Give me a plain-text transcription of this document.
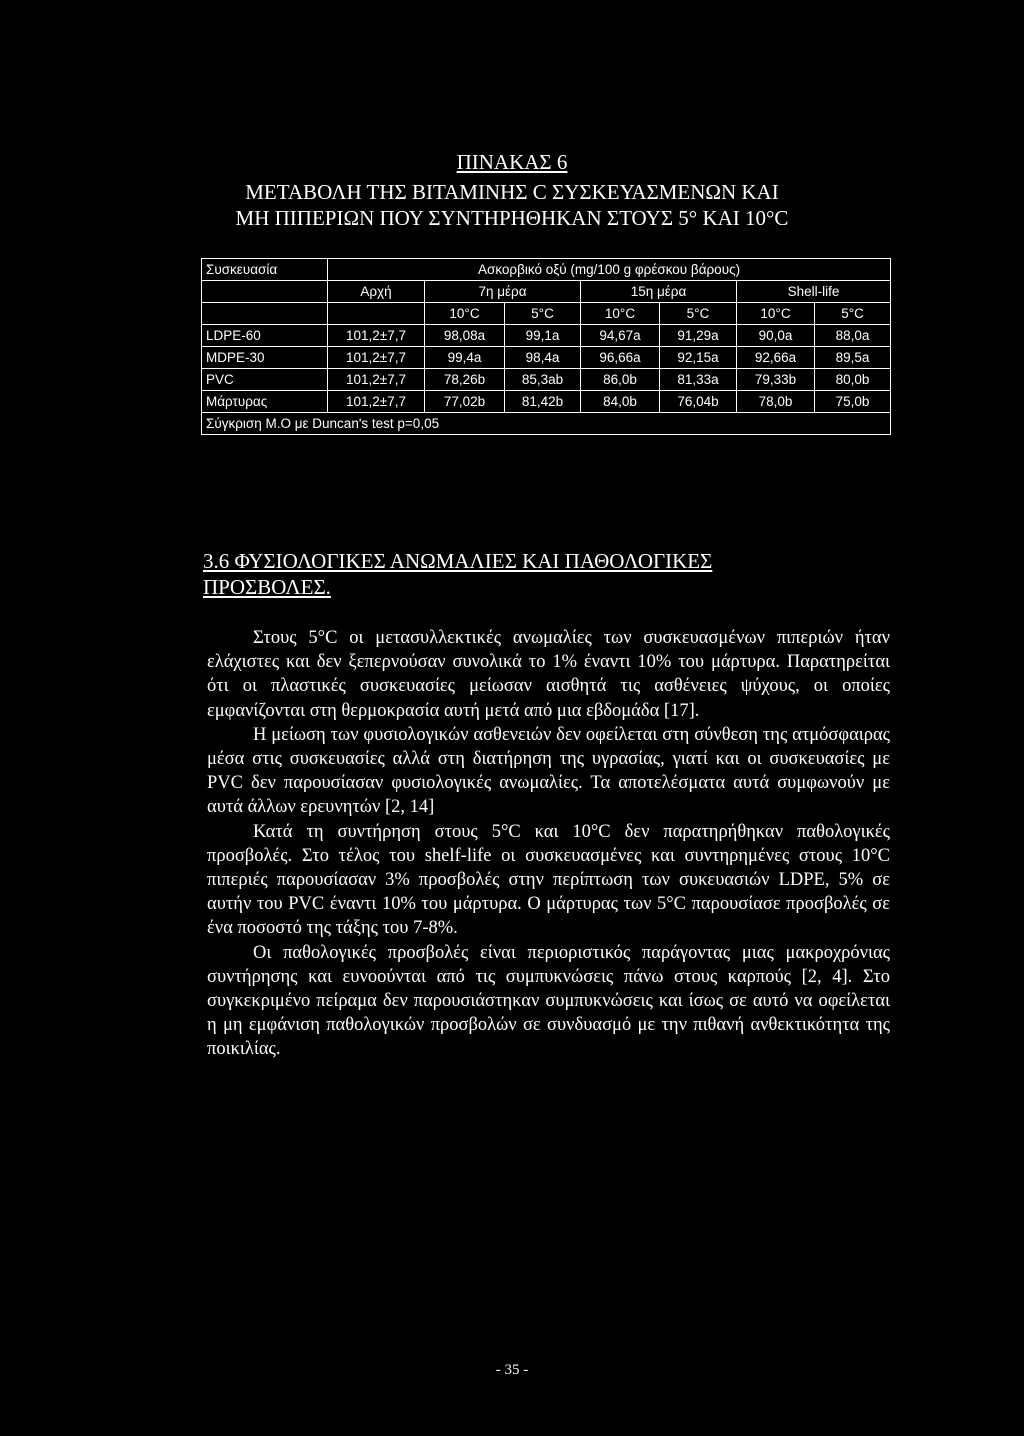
ΠΙΝΑΚΑΣ 6
ΜΕΤΑΒΟΛΗ ΤΗΣ ΒΙΤΑΜΙΝΗΣ C ΣΥΣΚΕΥΑΣΜΕΝΩΝ ΚΑΙ
ΜΗ ΠΙΠΕΡΙΩΝ ΠΟΥ ΣΥΝΤΗΡΗΘΗΚΑΝ ΣΤΟΥΣ 5° ΚΑΙ 10°C
Συσκευασία	Ασκορβικό οξύ (mg/100 g φρέσκου βάρους)						
	Αρχή	7η μέρα		15η μέρα		Shell-life	
		10°C	5°C	10°C	5°C	10°C	5°C
LDPE-60	101,2±7,7	98,08a	99,1a	94,67a	91,29a	90,0a	88,0a
MDPE-30	101,2±7,7	99,4a	98,4a	96,66a	92,15a	92,66a	89,5a
PVC	101,2±7,7	78,26b	85,3ab	86,0b	81,33a	79,33b	80,0b
Μάρτυρας	101,2±7,7	77,02b	81,42b	84,0b	76,04b	78,0b	75,0b
Σύγκριση Μ.Ο με Duncan's test p=0,05							
3.6 ΦΥΣΙΟΛΟΓΙΚΕΣ ΑΝΩΜΑΛΙΕΣ ΚΑΙ ΠΑΘΟΛΟΓΙΚΕΣ ΠΡΟΣΒΟΛΕΣ.

Στους 5°C οι μετασυλλεκτικές ανωμαλίες των συσκευασμένων πιπεριών ήταν ελάχιστες και δεν ξεπερνούσαν συνολικά το 1% έναντι 10% του μάρτυρα. Παρατηρείται ότι οι πλαστικές συσκευασίες μείωσαν αισθητά τις ασθένειες ψύχους, οι οποίες εμφανίζονται στη θερμοκρασία αυτή μετά από μια εβδομάδα [17].

Η μείωση των φυσιολογικών ασθενειών δεν οφείλεται στη σύνθεση της ατμόσφαιρας μέσα στις συσκευασίες αλλά στη διατήρηση της υγρασίας, γιατί και οι συσκευασίες με PVC δεν παρουσίασαν φυσιολογικές ανωμαλίες. Τα αποτελέσματα αυτά συμφωνούν με αυτά άλλων ερευνητών [2, 14]

Κατά τη συντήρηση στους 5°C και 10°C δεν παρατηρήθηκαν παθολογικές προσβολές. Στο τέλος του shelf-life οι συσκευασμένες και συντηρημένες στους 10°C πιπεριές παρουσίασαν 3% προσβολές στην περίπτωση των συκευασιών LDPE, 5% σε αυτήν του PVC έναντι 10% του μάρτυρα. Ο μάρτυρας των 5°C παρουσίασε προσβολές σε ένα ποσοστό της τάξης του 7-8%.

Οι παθολογικές προσβολές είναι περιοριστικός παράγοντας μιας μακροχρόνιας συντήρησης και ευνοούνται από τις συμπυκνώσεις πάνω στους καρπούς [2, 4]. Στο συγκεκριμένο πείραμα δεν παρουσιάστηκαν συμπυκνώσεις και ίσως σε αυτό να οφείλεται η μη εμφάνιση παθολογικών προσβολών σε συνδυασμό με την πιθανή ανθεκτικότητα της ποικιλίας.

- 35 -
